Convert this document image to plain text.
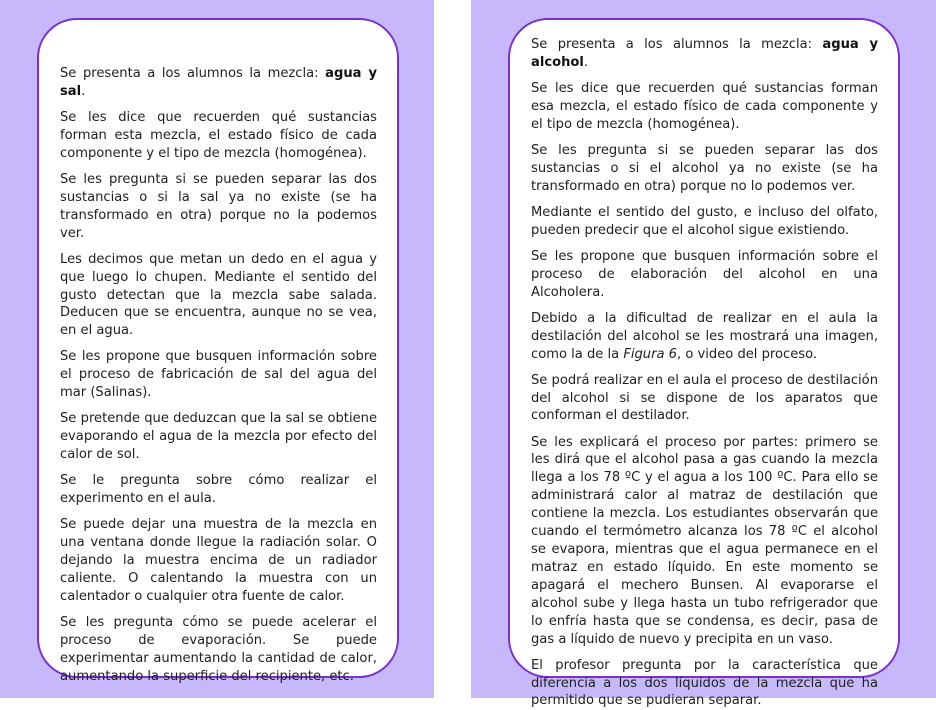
Se presenta a los alumnos la mezcla: agua y sal.

Se les dice que recuerden qué sustancias forman esta mezcla, el estado físico de cada componente y el tipo de mezcla (homogénea).

Se les pregunta si se pueden separar las dos sustancias o si la sal ya no existe (se ha transformado en otra) porque no la podemos ver.

Les decimos que metan un dedo en el agua y que luego lo chupen. Mediante el sentido del gusto detectan que la mezcla sabe salada. Deducen que se encuentra, aunque no se vea, en el agua.

Se les propone que busquen información sobre el proceso de fabricación de sal del agua del mar (Salinas).

Se pretende que deduzcan que la sal se obtiene evaporando el agua de la mezcla por efecto del calor de sol.

Se le pregunta sobre cómo realizar el experimento en el aula.

Se puede dejar una muestra de la mezcla en una ventana donde llegue la radiación solar. O dejando la muestra encima de un radiador caliente. O calentando la muestra con un calentador o cualquier otra fuente de calor.

Se les pregunta cómo se puede acelerar el proceso de evaporación. Se puede experimentar aumentando la cantidad de calor, aumentando la superficie del recipiente, etc.

Se presenta a los alumnos la mezcla: agua y alcohol.

Se les dice que recuerden qué sustancias forman esa mezcla, el estado físico de cada componente y el tipo de mezcla (homogénea).

Se les pregunta si se pueden separar las dos sustancias o si el alcohol ya no existe (se ha transformado en otra) porque no lo podemos ver.

Mediante el sentido del gusto, e incluso del olfato, pueden predecir que el alcohol sigue existiendo.

Se les propone que busquen información sobre el proceso de elaboración del alcohol en una Alcoholera.

Debido a la dificultad de realizar en el aula la destilación del alcohol se les mostrará una imagen, como la de la Figura 6, o video del proceso.

Se podrá realizar en el aula el proceso de destilación del alcohol si se dispone de los aparatos que conforman el destilador.

Se les explicará el proceso por partes: primero se les dirá que el alcohol pasa a gas cuando la mezcla llega a los 78 ºC y el agua a los 100 ºC. Para ello se administrará calor al matraz de destilación que contiene la mezcla. Los estudiantes observarán que cuando el termómetro alcanza los 78 ºC el alcohol se evapora, mientras que el agua permanece en el matraz en estado líquido. En este momento se apagará el mechero Bunsen. Al evaporarse el alcohol sube y llega hasta un tubo refrigerador que lo enfría hasta que se condensa, es decir, pasa de gas a líquido de nuevo y precipita en un vaso.

El profesor pregunta por la característica que diferencia a los dos líquidos de la mezcla que ha permitido que se pudieran separar.
